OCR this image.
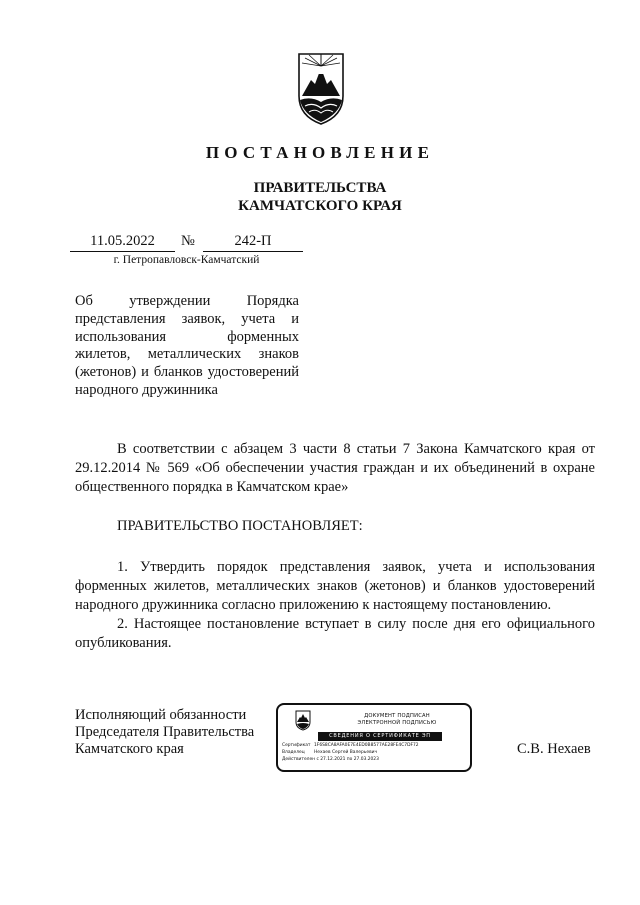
ПОСТАНОВЛЕНИЕ
ПРАВИТЕЛЬСТВА
КАМЧАТСКОГО КРАЯ
11.05.2022	№	242-П
г. Петропавловск-Камчатский
Об утверждении Порядка представления заявок, учета и использования форменных жилетов, металлических знаков (жетонов) и бланков удостоверений народного дружинника

В соответствии с абзацем 3 части 8 статьи 7 Закона Камчатского края от 29.12.2014 № 569 «Об обеспечении участия граждан и их объединений в охране общественного порядка в Камчатском крае»

ПРАВИТЕЛЬСТВО ПОСТАНОВЛЯЕТ:

1. Утвердить порядок представления заявок, учета и использования форменных жилетов, металлических знаков (жетонов) и бланков удостоверений народного дружинника согласно приложению к настоящему постановлению.

2. Настоящее постановление вступает в силу после дня его официального опубликования.

Исполняющий обязанности
Председателя Правительства
Камчатского края
ДОКУМЕНТ ПОДПИСАН
ЭЛЕКТРОННОЙ ПОДПИСЬЮ
СВЕДЕНИЯ О СЕРТИФИКАТЕ ЭП
Сертификат 1F6S8CA8AFA0E7E4ED0B8577AE28FE4C7DF72
Владелец Нехаев Сергей Валерьевич
Действителен с 27.12.2021 по 27.03.2023
С.В. Нехаев
